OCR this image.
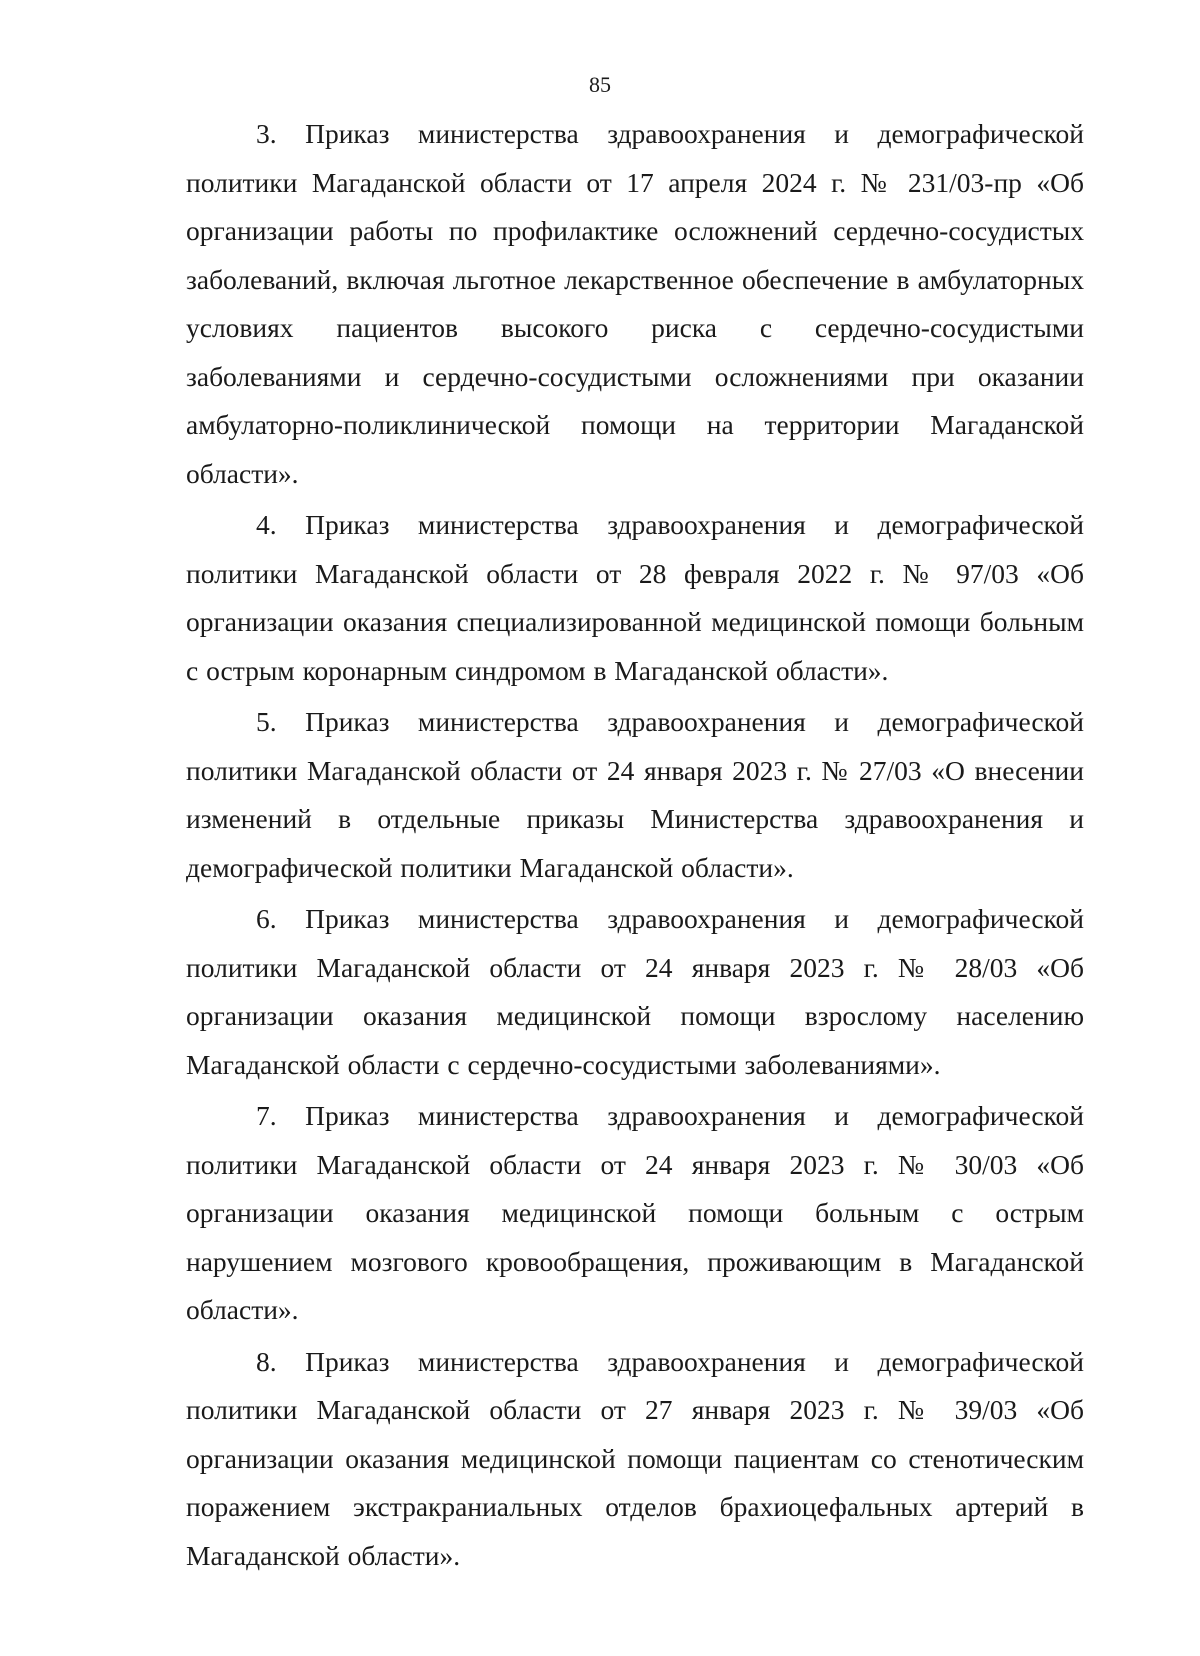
85

3. Приказ министерства здравоохранения и демографической политики Магаданской области от 17 апреля 2024 г. № 231/03-пр «Об организации работы по профилактике осложнений сердечно-сосудистых заболеваний, включая льготное лекарственное обеспечение в амбулаторных условиях пациентов высокого риска с сердечно-сосудистыми заболеваниями и сердечно-сосудистыми осложнениями при оказании амбулаторно-поликлинической помощи на территории Магаданской области».

4. Приказ министерства здравоохранения и демографической политики Магаданской области от 28 февраля 2022 г. № 97/03 «Об организации оказания специализированной медицинской помощи больным с острым коронарным синдромом в Магаданской области».

5. Приказ министерства здравоохранения и демографической политики Магаданской области от 24 января 2023 г. № 27/03 «О внесении изменений в отдельные приказы Министерства здравоохранения и демографической политики Магаданской области».

6. Приказ министерства здравоохранения и демографической политики Магаданской области от 24 января 2023 г. № 28/03 «Об организации оказания медицинской помощи взрослому населению Магаданской области с сердечно-сосудистыми заболеваниями».

7. Приказ министерства здравоохранения и демографической политики Магаданской области от 24 января 2023 г. № 30/03 «Об организации оказания медицинской помощи больным с острым нарушением мозгового кровообращения, проживающим в Магаданской области».

8. Приказ министерства здравоохранения и демографической политики Магаданской области от 27 января 2023 г. № 39/03 «Об организации оказания медицинской помощи пациентам со стенотическим поражением экстракраниальных отделов брахиоцефальных артерий в Магаданской области».
